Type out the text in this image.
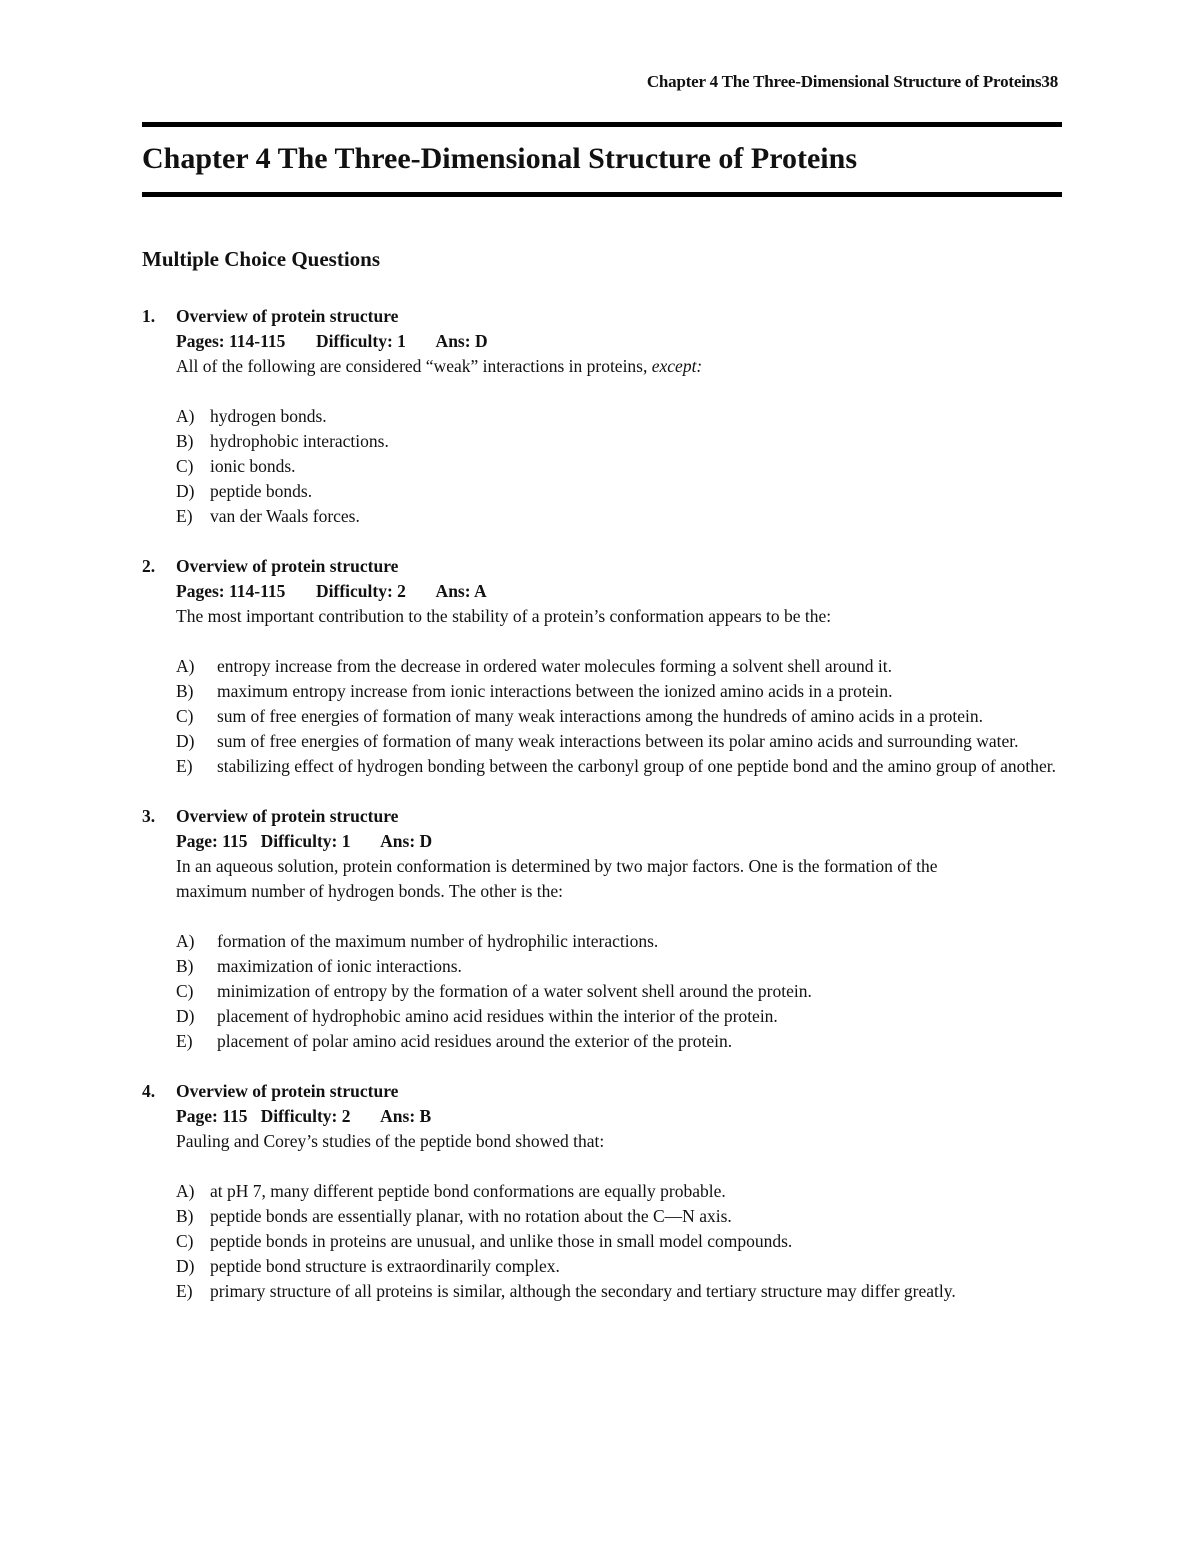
Chapter 4 The Three-Dimensional Structure of Proteins38
Chapter 4 The Three-Dimensional Structure of Proteins
Multiple Choice Questions
1. Overview of protein structure
Pages: 114-115       Difficulty: 1       Ans: D
All of the following are considered “weak” interactions in proteins, except:
A) hydrogen bonds.
B) hydrophobic interactions.
C) ionic bonds.
D) peptide bonds.
E) van der Waals forces.
2. Overview of protein structure
Pages: 114-115       Difficulty: 2       Ans: A
The most important contribution to the stability of a protein’s conformation appears to be the:
A) entropy increase from the decrease in ordered water molecules forming a solvent shell around it.
B) maximum entropy increase from ionic interactions between the ionized amino acids in a protein.
C) sum of free energies of formation of many weak interactions among the hundreds of amino acids in a protein.
D) sum of free energies of formation of many weak interactions between its polar amino acids and surrounding water.
E) stabilizing effect of hydrogen bonding between the carbonyl group of one peptide bond and the amino group of another.
3. Overview of protein structure
Page: 115   Difficulty: 1       Ans: D
In an aqueous solution, protein conformation is determined by two major factors. One is the formation of the maximum number of hydrogen bonds. The other is the:
A) formation of the maximum number of hydrophilic interactions.
B) maximization of ionic interactions.
C) minimization of entropy by the formation of a water solvent shell around the protein.
D) placement of hydrophobic amino acid residues within the interior of the protein.
E) placement of polar amino acid residues around the exterior of the protein.
4. Overview of protein structure
Page: 115   Difficulty: 2       Ans: B
Pauling and Corey’s studies of the peptide bond showed that:
A) at pH 7, many different peptide bond conformations are equally probable.
B) peptide bonds are essentially planar, with no rotation about the C—N axis.
C) peptide bonds in proteins are unusual, and unlike those in small model compounds.
D) peptide bond structure is extraordinarily complex.
E) primary structure of all proteins is similar, although the secondary and tertiary structure may differ greatly.
